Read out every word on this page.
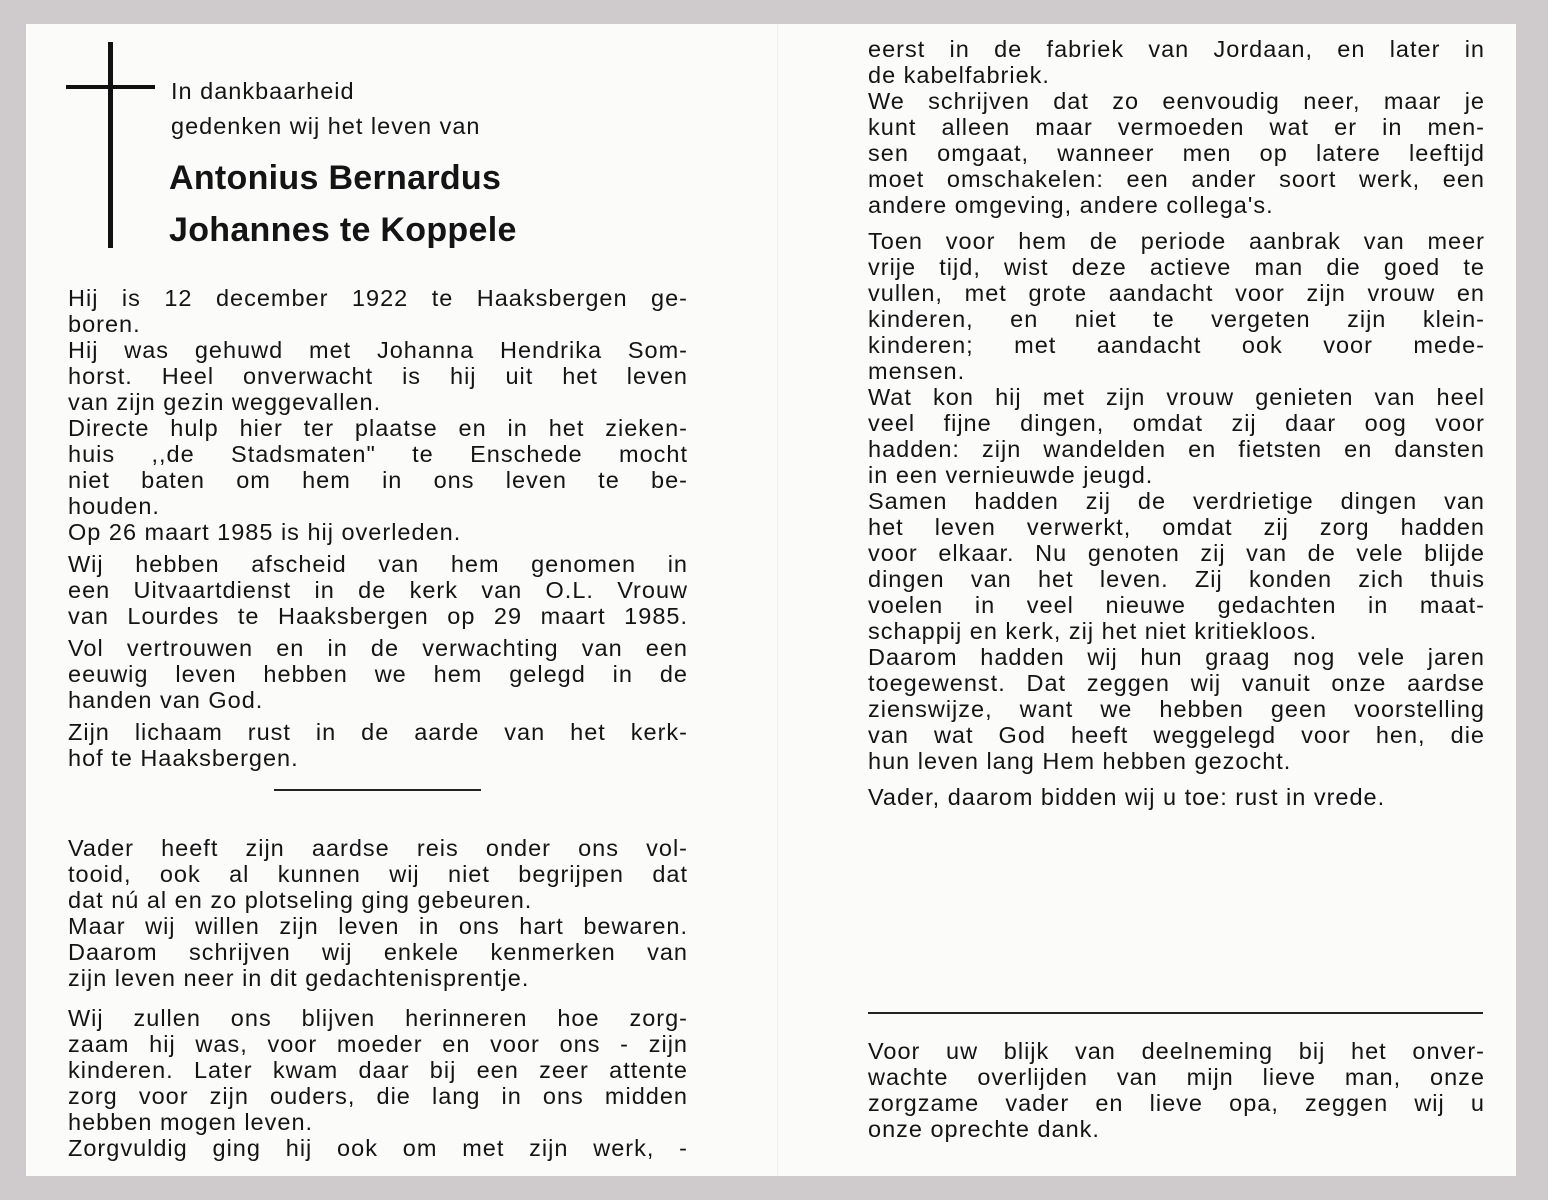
In dankbaarheid
gedenken wij het leven van

Antonius Bernardus
Johannes te Koppele

Hij is 12 december 1922 te Haaksbergen ge-
boren.
Hij was gehuwd met Johanna Hendrika Som-
horst. Heel onverwacht is hij uit het leven
van zijn gezin weggevallen.
Directe hulp hier ter plaatse en in het zieken-
huis ,,de Stadsmaten" te Enschede mocht
niet baten om hem in ons leven te be-
houden.
Op 26 maart 1985 is hij overleden.

Wij hebben afscheid van hem genomen in
een Uitvaartdienst in de kerk van O.L. Vrouw
van Lourdes te Haaksbergen op 29 maart 1985.

Vol vertrouwen en in de verwachting van een
eeuwig leven hebben we hem gelegd in de
handen van God.

Zijn lichaam rust in de aarde van het kerk-
hof te Haaksbergen.

Vader heeft zijn aardse reis onder ons vol-
tooid, ook al kunnen wij niet begrijpen dat
dat nú al en zo plotseling ging gebeuren.
Maar wij willen zijn leven in ons hart bewaren.
Daarom schrijven wij enkele kenmerken van
zijn leven neer in dit gedachtenisprentje.

Wij zullen ons blijven herinneren hoe zorg-
zaam hij was, voor moeder en voor ons - zijn
kinderen. Later kwam daar bij een zeer attente
zorg voor zijn ouders, die lang in ons midden
hebben mogen leven.
Zorgvuldig ging hij ook om met zijn werk, -

eerst in de fabriek van Jordaan, en later in
de kabelfabriek.
We schrijven dat zo eenvoudig neer, maar je
kunt alleen maar vermoeden wat er in men-
sen omgaat, wanneer men op latere leeftijd
moet omschakelen: een ander soort werk, een
andere omgeving, andere collega's.

Toen voor hem de periode aanbrak van meer
vrije tijd, wist deze actieve man die goed te
vullen, met grote aandacht voor zijn vrouw en
kinderen, en niet te vergeten zijn klein-
kinderen; met aandacht ook voor mede-
mensen.
Wat kon hij met zijn vrouw genieten van heel
veel fijne dingen, omdat zij daar oog voor
hadden: zijn wandelden en fietsten en dansten
in een vernieuwde jeugd.
Samen hadden zij de verdrietige dingen van
het leven verwerkt, omdat zij zorg hadden
voor elkaar. Nu genoten zij van de vele blijde
dingen van het leven. Zij konden zich thuis
voelen in veel nieuwe gedachten in maat-
schappij en kerk, zij het niet kritiekloos.
Daarom hadden wij hun graag nog vele jaren
toegewenst. Dat zeggen wij vanuit onze aardse
zienswijze, want we hebben geen voorstelling
van wat God heeft weggelegd voor hen, die
hun leven lang Hem hebben gezocht.

Vader, daarom bidden wij u toe: rust in vrede.

Voor uw blijk van deelneming bij het onver-
wachte overlijden van mijn lieve man, onze
zorgzame vader en lieve opa, zeggen wij u
onze oprechte dank.
